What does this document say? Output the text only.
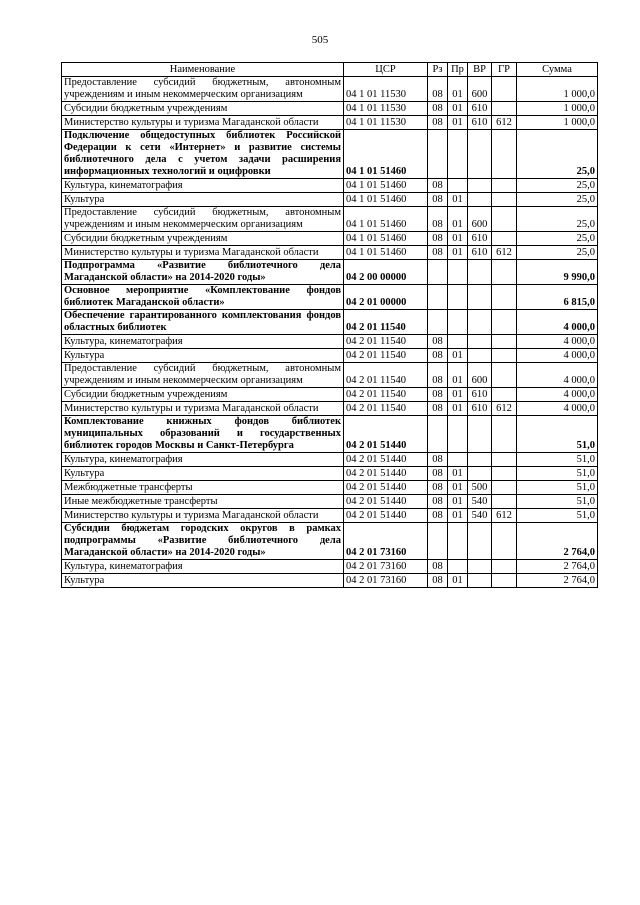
505
Наименование	ЦСР	Рз	Пр	ВР	ГР	Сумма
Предоставление субсидий бюджетным, автономным учреждениям и иным некоммерческим организациям	04 1 01 11530	08	01	600		1 000,0
Субсидии бюджетным учреждениям	04 1 01 11530	08	01	610		1 000,0
Министерство культуры и туризма Магаданской области	04 1 01 11530	08	01	610	612	1 000,0
Подключение общедоступных библиотек Российской Федерации к сети «Интернет» и развитие системы библиотечного дела с учетом задачи расширения информационных технологий и оцифровки	04 1 01 51460					25,0
Культура, кинематография	04 1 01 51460	08				25,0
Культура	04 1 01 51460	08	01			25,0
Предоставление субсидий бюджетным, автономным учреждениям и иным некоммерческим организациям	04 1 01 51460	08	01	600		25,0
Субсидии бюджетным учреждениям	04 1 01 51460	08	01	610		25,0
Министерство культуры и туризма Магаданской области	04 1 01 51460	08	01	610	612	25,0
Подпрограмма «Развитие библиотечного дела Магаданской области» на 2014-2020 годы»	04 2 00 00000					9 990,0
Основное мероприятие «Комплектование фондов библиотек Магаданской области»	04 2 01 00000					6 815,0
Обеспечение гарантированного комплектования фондов областных библиотек	04 2 01 11540					4 000,0
Культура, кинематография	04 2 01 11540	08				4 000,0
Культура	04 2 01 11540	08	01			4 000,0
Предоставление субсидий бюджетным, автономным учреждениям и иным некоммерческим организациям	04 2 01 11540	08	01	600		4 000,0
Субсидии бюджетным учреждениям	04 2 01 11540	08	01	610		4 000,0
Министерство культуры и туризма Магаданской области	04 2 01 11540	08	01	610	612	4 000,0
Комплектование книжных фондов библиотек муниципальных образований и государственных библиотек городов Москвы и Санкт-Петербурга	04 2 01 51440					51,0
Культура, кинематография	04 2 01 51440	08				51,0
Культура	04 2 01 51440	08	01			51,0
Межбюджетные трансферты	04 2 01 51440	08	01	500		51,0
Иные межбюджетные трансферты	04 2 01 51440	08	01	540		51,0
Министерство культуры и туризма Магаданской области	04 2 01 51440	08	01	540	612	51,0
Субсидии бюджетам городских округов в рамках подпрограммы «Развитие библиотечного дела Магаданской области» на 2014-2020 годы»	04 2 01 73160					2 764,0
Культура, кинематография	04 2 01 73160	08				2 764,0
Культура	04 2 01 73160	08	01			2 764,0
